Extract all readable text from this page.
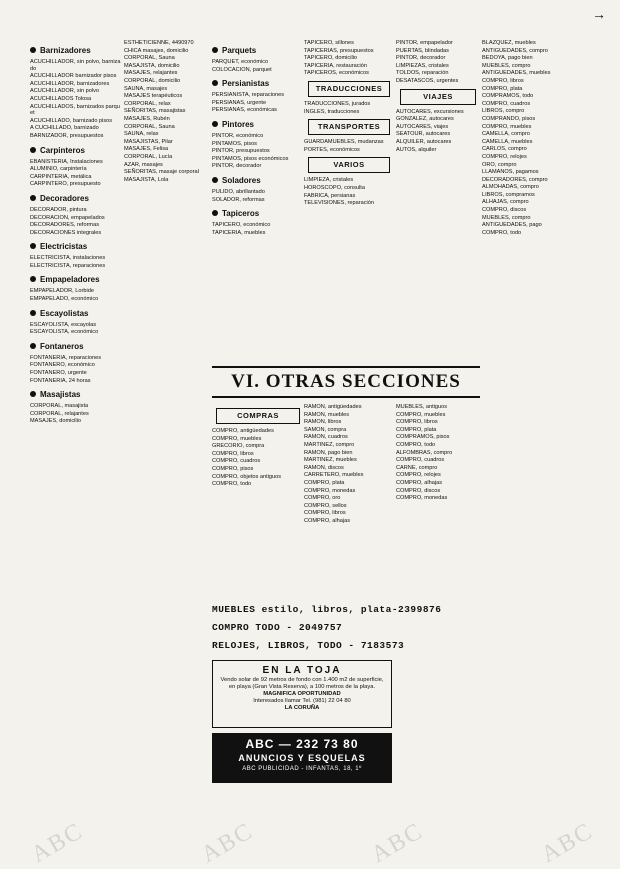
→
Barnizadores
ACUCHILLADOR, sin polvo, barnizado
ACUCHILLADOR barnizador pisos
ACUCHILLADOR, barnizadores
ACUCHILLADOR, sin polvo
ACUCHILLADOS Tolosa
ACUCHILLADOS, barnizados parquet
ACUCHILLADO, barnizado pisos
A CUCHILLADO, barnizado
BARNIZADOR, presupuestos
Carpinteros
EBANISTERIA, Instalaciones
ALUMINIO, carpintería
CARPINTERIA, metálica
CARPINTERO, presupuesto
Decoradores
DECORADOR, pintura
DECORACION, empapelados
DECORADORES, reformas
DECORACIONES integrales
Electricistas
ELECTRICISTA, instalaciones
ELECTRICISTA, reparaciones
Empapeladores
EMPAPELADOR, Lorbide
EMPAPELADO, económico
Escayolistas
ESCAYOLISTA, escayolas
ESCAYOLISTA, económico
Fontaneros
FONTANERIA, reparaciones
FONTANERO, económico
FONTANERO, urgente
FONTANERIA, 24 horas
Masajistas
CORPORAL, masajista
CORPORAL, relajantes
MASAJES, domicilio
ESTHETICIENNE, 4490970
CHICA masajes, domicilio
CORPORAL, Sauna
MASAJISTA, domicilio
MASAJES, relajantes
CORPORAL, domicilio
SAUNA, masajes
MASAJES terapéuticos
CORPORAL, relax
SEÑORITAS, masajistas
MASAJES, Rubén
CORPORAL, Sauna
SAUNA, relax
MASAJISTAS, Pilar
MASAJES, Felisa
CORPORAL, Lucía
AZAR, masajes
SEÑORITAS, masaje corporal
MASAJISTA, Lola
Parquets
PARQUET, económico
COLOCACION, parquet
Persianistas
PERSIANISTA, reparaciones
PERSIANAS, urgente
PERSIANAS, económicas
Pintores
PINTOR, económico
PINTAMOS, pisos
PINTOR, presupuestos
PINTAMOS, pisos económicos
PINTOR, decorador
Soladores
PULIDO, abrillantado
SOLADOR, reformas
Tapiceros
TAPICERO, económico
TAPICERIA, muebles
TAPICERO, sillones
TAPICERIAS, presupuestos
TAPICERO, domicilio
TAPICERIA, restauración
TAPICEROS, económicos
TRADUCCIONES
TRADUCCIONES, jurados
INGLES, traducciones
TRANSPORTES
GUARDAMUEBLES, mudanzas
PORTES, económicos
VARIOS
LIMPIEZA, cristales
HOROSCOPO, consulta
FABRICA, persianas
TELEVISIONES, reparación
PINTOR, empapelador
PUERTAS, blindadas
PINTOR, decorador
LIMPIEZAS, cristales
TOLDOS, reparación
DESATASCOS, urgentes
VIAJES
AUTOCARES, excursiones
GONZALEZ, autocares
AUTOCARES, viajes
SEATOUR, autocares
ALQUILER, autocares
AUTOS, alquiler
BLAZQUEZ, muebles
ANTIGUEDADES, compro
BEDOYA, pago bien
MUEBLES, compro
ANTIGUEDADES, muebles
COMPRO, libros
COMPRO, plata
COMPRAMOS, todo
COMPRO, cuadros
LIBROS, compro
COMPRANDO, pisos
COMPRO, muebles
CAMELLA, compro
CAMELLA, muebles
CARLOS, compro
COMPRO, relojes
ORO, compro
LLAMANOS, pagamos
DECORADORES, compro
ALMOHADAS, compro
LIBROS, compramos
ALHAJAS, compro
COMPRO, discos
MUEBLES, compro
ANTIGUEDADES, pago
COMPRO, todo
VI. OTRAS SECCIONES
COMPRAS
COMPRO, antigüedades
COMPRO, muebles
GRECORIO, compra
COMPRO, libros
COMPRO, cuadros
COMPRO, pisos
COMPRO, objetos antiguos
COMPRO, todo
RAMON, antigüedades
RAMON, muebles
RAMON, libros
SAMON, compra
RAMON, cuadros
MARTINEZ, compro
RAMON, pago bien
MARTINEZ, muebles
RAMON, discos
CARRETERO, muebles
COMPRO, plata
COMPRO, monedas
COMPRO, oro
COMPRO, sellos
COMPRO, libros
COMPRO, alhajas
MUEBLES, antiguos
COMPRO, muebles
COMPRO, libros
COMPRO, plata
COMPRAMOS, pisos
COMPRO, todo
ALFOMBRAS, compro
COMPRO, cuadros
CARNE, compro
COMPRO, relojes
COMPRO, alhajas
COMPRO, discos
COMPRO, monedas
MUEBLES estilo, libros, plata-2399876
COMPRO TODO - 2049757
RELOJES, LIBROS, TODO - 7183573
EN LA TOJA
Vendo solar de 92 metros de fondo con 1.400 m2 de superficie, en playa (Gran Vista Reserva), a 100 metros de la playa.
MAGNIFICA OPORTUNIDAD
Interesados llamar Tel. (981) 22 04 80
LA CORUÑA
ABC — 232 73 80
ANUNCIOS Y ESQUELAS
ABC PUBLICIDAD - INFANTAS, 18, 1º
ABC	ABC	ABC	ABC
